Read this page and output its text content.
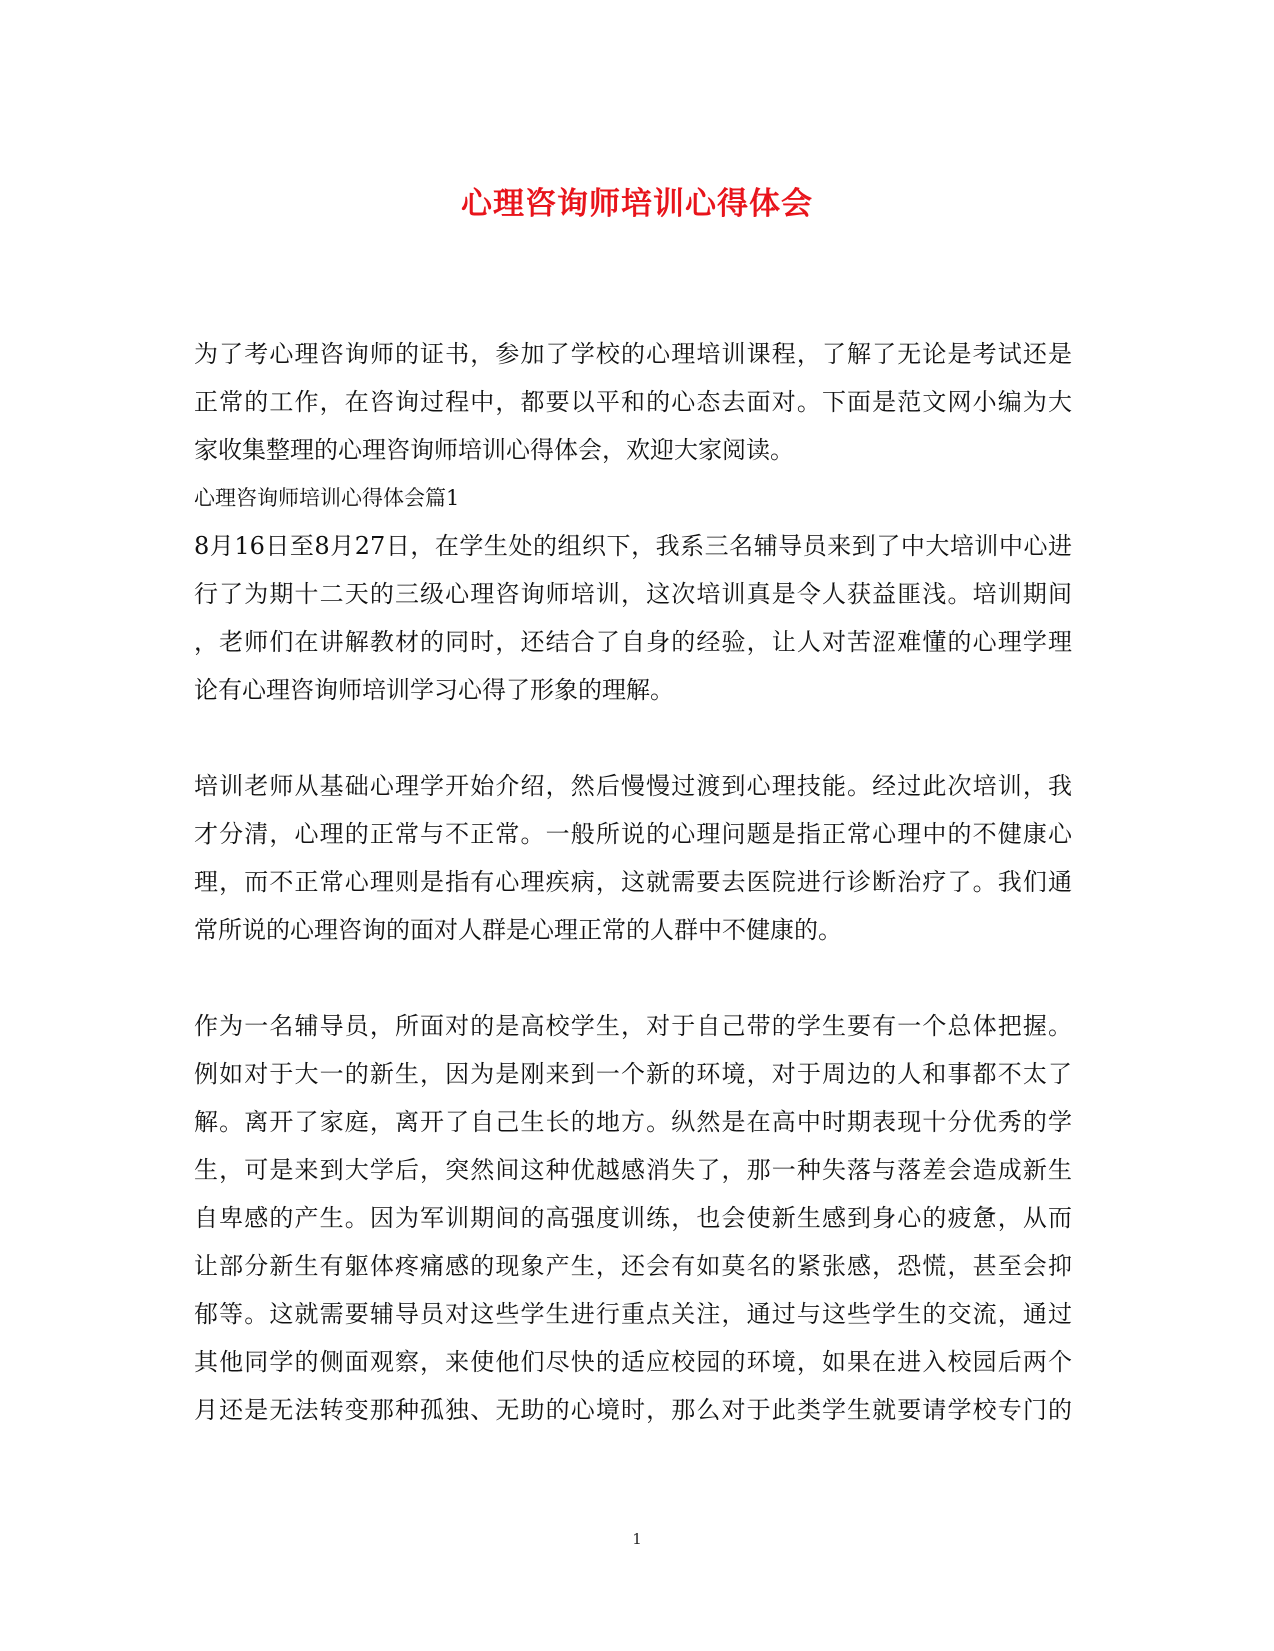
心理咨询师培训心得体会
为了考心理咨询师的证书，参加了学校的心理培训课程，了解了无论是考试还是
正常的工作，在咨询过程中，都要以平和的心态去面对。下面是范文网小编为大
家收集整理的心理咨询师培训心得体会，欢迎大家阅读。
心理咨询师培训心得体会篇1
8月16日至8月27日，在学生处的组织下，我系三名辅导员来到了中大培训中心进
行了为期十二天的三级心理咨询师培训，这次培训真是令人获益匪浅。培训期间
，老师们在讲解教材的同时，还结合了自身的经验，让人对苦涩难懂的心理学理
论有心理咨询师培训学习心得了形象的理解。
培训老师从基础心理学开始介绍，然后慢慢过渡到心理技能。经过此次培训，我
才分清，心理的正常与不正常。一般所说的心理问题是指正常心理中的不健康心
理，而不正常心理则是指有心理疾病，这就需要去医院进行诊断治疗了。我们通
常所说的心理咨询的面对人群是心理正常的人群中不健康的。
作为一名辅导员，所面对的是高校学生，对于自己带的学生要有一个总体把握。
例如对于大一的新生，因为是刚来到一个新的环境，对于周边的人和事都不太了
解。离开了家庭，离开了自己生长的地方。纵然是在高中时期表现十分优秀的学
生，可是来到大学后，突然间这种优越感消失了，那一种失落与落差会造成新生
自卑感的产生。因为军训期间的高强度训练，也会使新生感到身心的疲惫，从而
让部分新生有躯体疼痛感的现象产生，还会有如莫名的紧张感，恐慌，甚至会抑
郁等。这就需要辅导员对这些学生进行重点关注，通过与这些学生的交流，通过
其他同学的侧面观察，来使他们尽快的适应校园的环境，如果在进入校园后两个
月还是无法转变那种孤独、无助的心境时，那么对于此类学生就要请学校专门的
1
